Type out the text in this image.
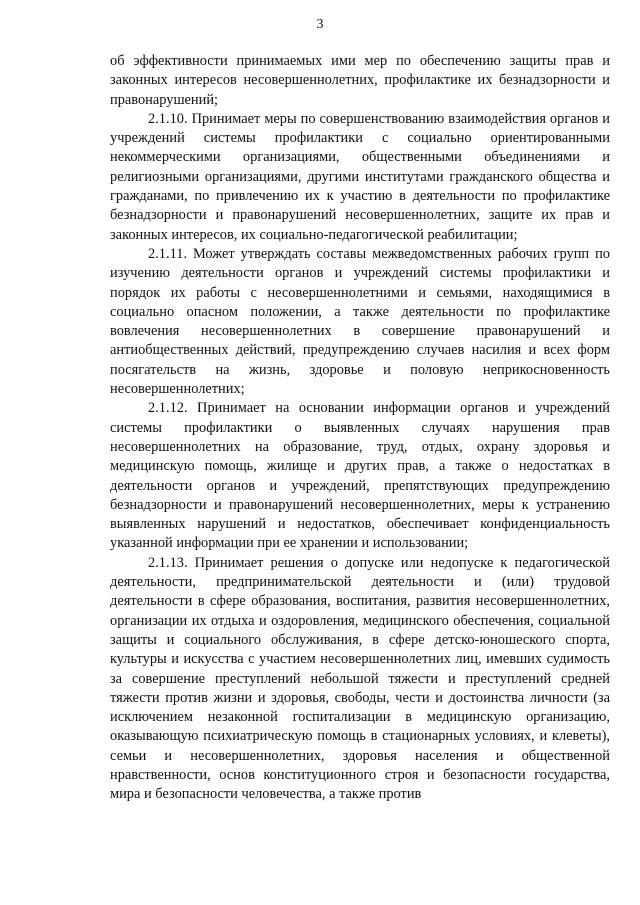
3

об эффективности принимаемых ими мер по обеспечению защиты прав и законных интересов несовершеннолетних, профилактике их безнадзорности и правонарушений;

2.1.10. Принимает меры по совершенствованию взаимодействия органов и учреждений системы профилактики с социально ориентированными некоммерческими организациями, общественными объединениями и религиозными организациями, другими институтами гражданского общества и гражданами, по привлечению их к участию в деятельности по профилактике безнадзорности и правонарушений несовершеннолетних, защите их прав и законных интересов, их социально-педагогической реабилитации;

2.1.11. Может утверждать составы межведомственных рабочих групп по изучению деятельности органов и учреждений системы профилактики и порядок их работы с несовершеннолетними и семьями, находящимися в социально опасном положении, а также деятельности по профилактике вовлечения несовершеннолетних в совершение правонарушений и антиобщественных действий, предупреждению случаев насилия и всех форм посягательств на жизнь, здоровье и половую неприкосновенность несовершеннолетних;

2.1.12. Принимает на основании информации органов и учреждений системы профилактики о выявленных случаях нарушения прав несовершеннолетних на образование, труд, отдых, охрану здоровья и медицинскую помощь, жилище и других прав, а также о недостатках в деятельности органов и учреждений, препятствующих предупреждению безнадзорности и правонарушений несовершеннолетних, меры к устранению выявленных нарушений и недостатков, обеспечивает конфиденциальность указанной информации при ее хранении и использовании;

2.1.13. Принимает решения о допуске или недопуске к педагогической деятельности, предпринимательской деятельности и (или) трудовой деятельности в сфере образования, воспитания, развития несовершеннолетних, организации их отдыха и оздоровления, медицинского обеспечения, социальной защиты и социального обслуживания, в сфере детско-юношеского спорта, культуры и искусства с участием несовершеннолетних лиц, имевших судимость за совершение преступлений небольшой тяжести и преступлений средней тяжести против жизни и здоровья, свободы, чести и достоинства личности (за исключением незаконной госпитализации в медицинскую организацию, оказывающую психиатрическую помощь в стационарных условиях, и клеветы), семьи и несовершеннолетних, здоровья населения и общественной нравственности, основ конституционного строя и безопасности государства, мира и безопасности человечества, а также против
